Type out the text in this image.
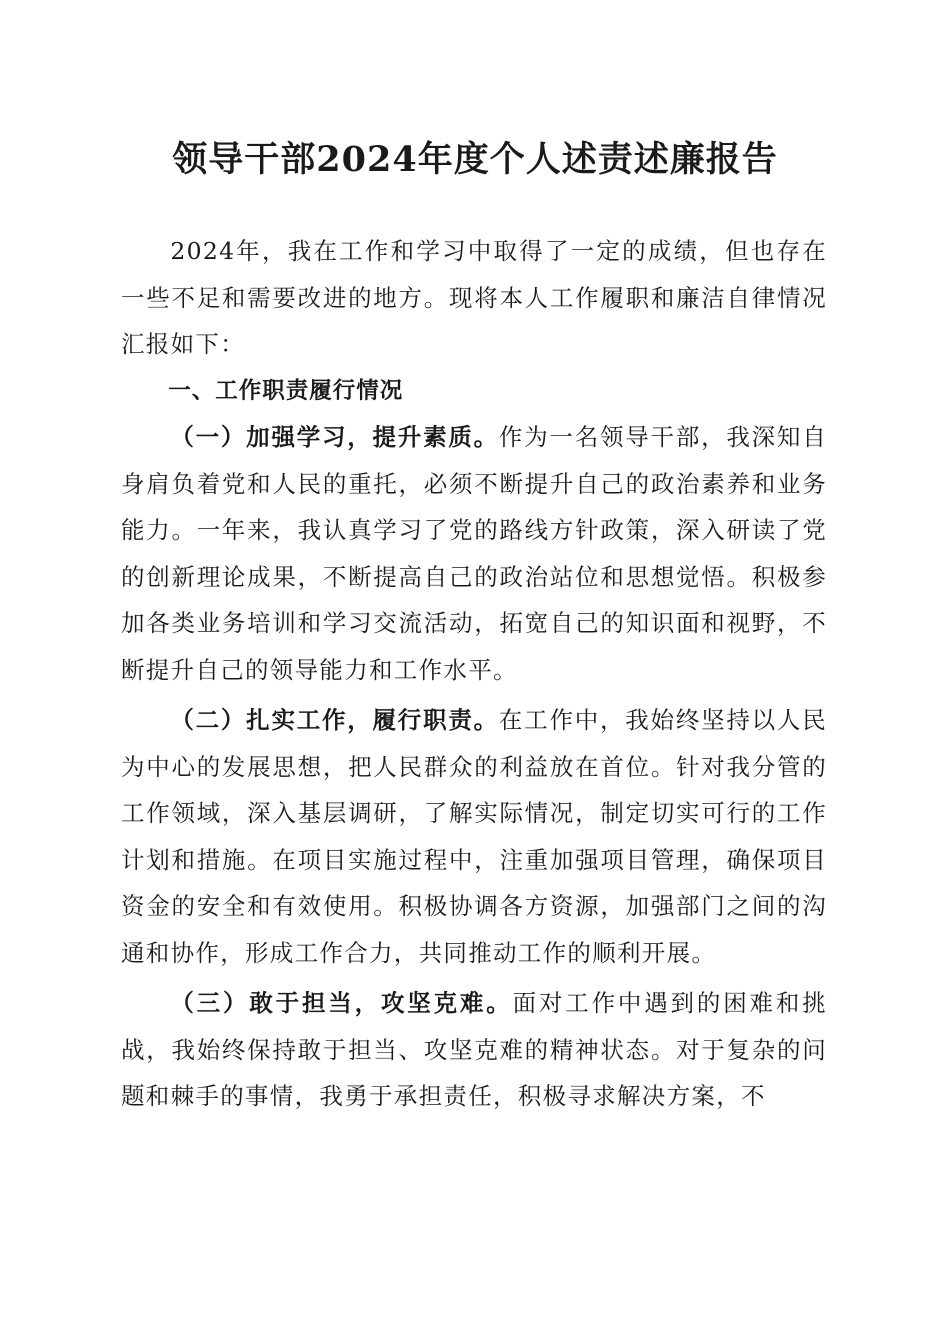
领导干部2024年度个人述责述廉报告

2024年，我在工作和学习中取得了一定的成绩，但也存在一些不足和需要改进的地方。现将本人工作履职和廉洁自律情况汇报如下：

一、工作职责履行情况

（一）加强学习，提升素质。作为一名领导干部，我深知自身肩负着党和人民的重托，必须不断提升自己的政治素养和业务能力。一年来，我认真学习了党的路线方针政策，深入研读了党的创新理论成果，不断提高自己的政治站位和思想觉悟。积极参加各类业务培训和学习交流活动，拓宽自己的知识面和视野，不断提升自己的领导能力和工作水平。

（二）扎实工作，履行职责。在工作中，我始终坚持以人民为中心的发展思想，把人民群众的利益放在首位。针对我分管的工作领域，深入基层调研，了解实际情况，制定切实可行的工作计划和措施。在项目实施过程中，注重加强项目管理，确保项目资金的安全和有效使用。积极协调各方资源，加强部门之间的沟通和协作，形成工作合力，共同推动工作的顺利开展。

（三）敢于担当，攻坚克难。面对工作中遇到的困难和挑战，我始终保持敢于担当、攻坚克难的精神状态。对于复杂的问题和棘手的事情，我勇于承担责任，积极寻求解决方案，不
